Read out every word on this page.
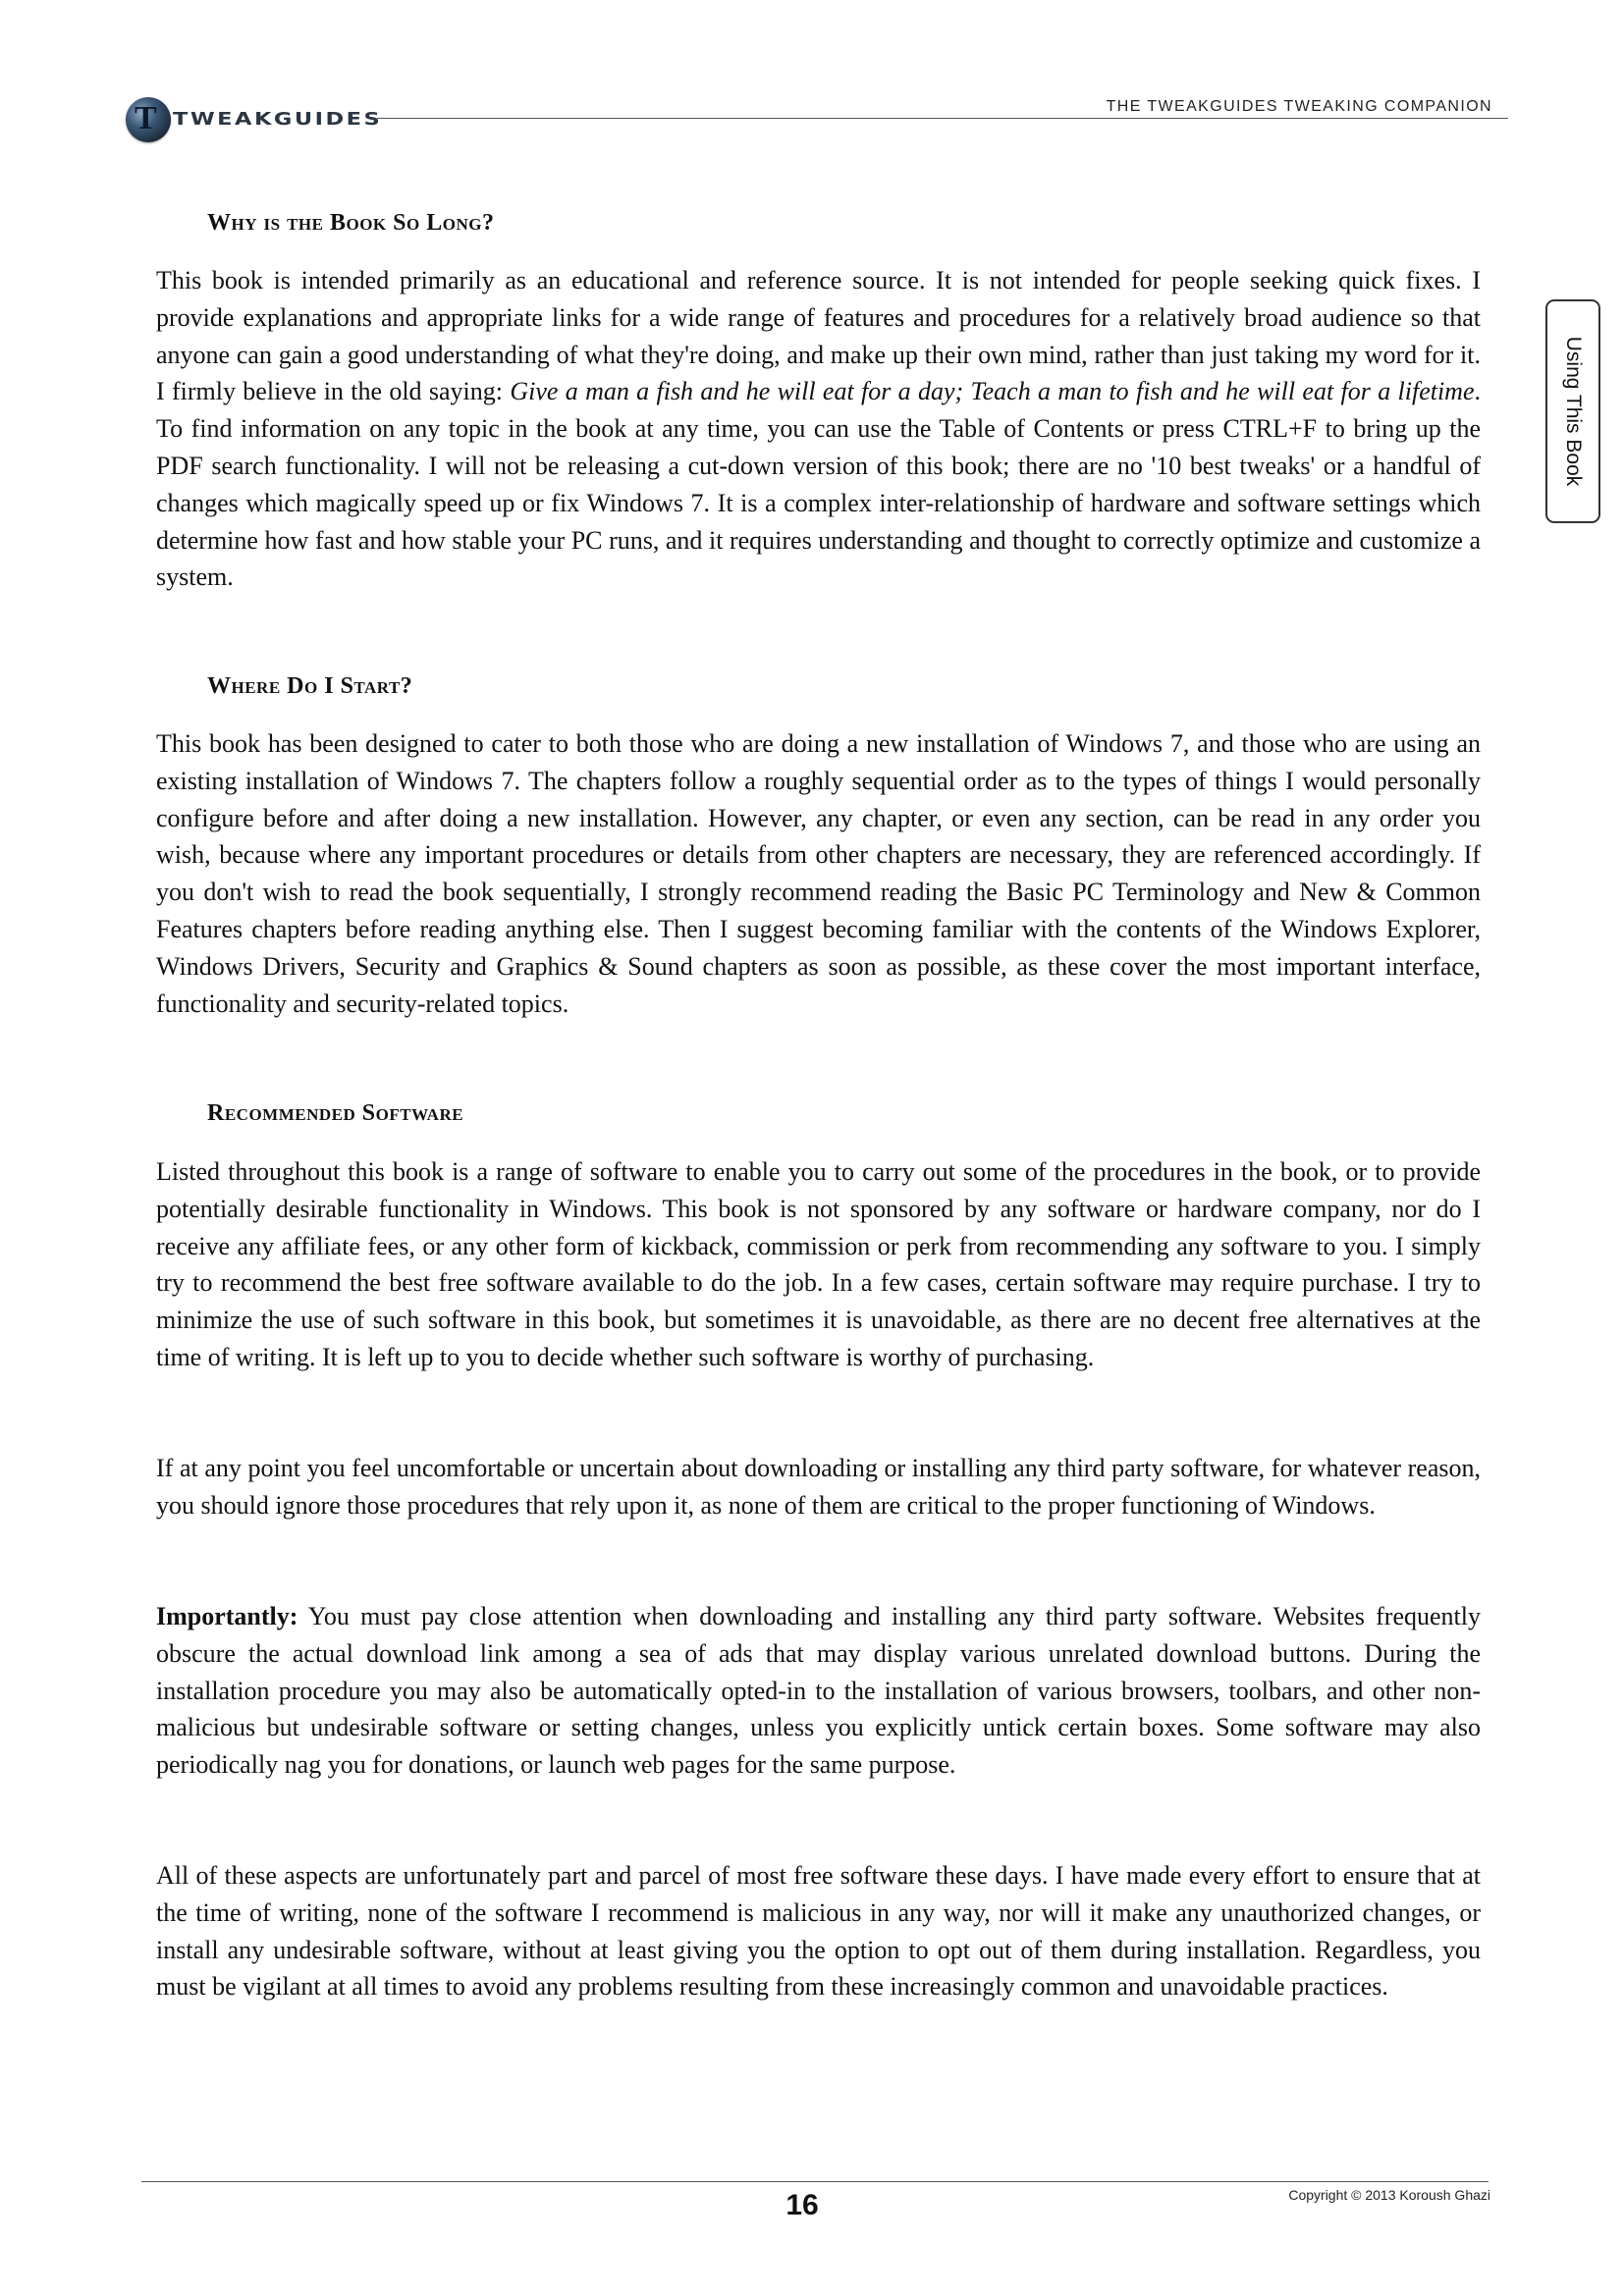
T TWEAKGUIDES
THE TWEAKGUIDES TWEAKING COMPANION
Using This Book
Why is the Book So Long?
This book is intended primarily as an educational and reference source. It is not intended for people seeking quick fixes. I provide explanations and appropriate links for a wide range of features and procedures for a relatively broad audience so that anyone can gain a good understanding of what they're doing, and make up their own mind, rather than just taking my word for it. I firmly believe in the old saying: Give a man a fish and he will eat for a day; Teach a man to fish and he will eat for a lifetime. To find information on any topic in the book at any time, you can use the Table of Contents or press CTRL+F to bring up the PDF search functionality. I will not be releasing a cut-down version of this book; there are no '10 best tweaks' or a handful of changes which magically speed up or fix Windows 7. It is a complex inter-relationship of hardware and software settings which determine how fast and how stable your PC runs, and it requires understanding and thought to correctly optimize and customize a system.
Where Do I Start?
This book has been designed to cater to both those who are doing a new installation of Windows 7, and those who are using an existing installation of Windows 7. The chapters follow a roughly sequential order as to the types of things I would personally configure before and after doing a new installation. However, any chapter, or even any section, can be read in any order you wish, because where any important procedures or details from other chapters are necessary, they are referenced accordingly. If you don't wish to read the book sequentially, I strongly recommend reading the Basic PC Terminology and New & Common Features chapters before reading anything else. Then I suggest becoming familiar with the contents of the Windows Explorer, Windows Drivers, Security and Graphics & Sound chapters as soon as possible, as these cover the most important interface, functionality and security-related topics.
Recommended Software
Listed throughout this book is a range of software to enable you to carry out some of the procedures in the book, or to provide potentially desirable functionality in Windows. This book is not sponsored by any software or hardware company, nor do I receive any affiliate fees, or any other form of kickback, commission or perk from recommending any software to you. I simply try to recommend the best free software available to do the job. In a few cases, certain software may require purchase. I try to minimize the use of such software in this book, but sometimes it is unavoidable, as there are no decent free alternatives at the time of writing. It is left up to you to decide whether such software is worthy of purchasing.
If at any point you feel uncomfortable or uncertain about downloading or installing any third party software, for whatever reason, you should ignore those procedures that rely upon it, as none of them are critical to the proper functioning of Windows.
Importantly: You must pay close attention when downloading and installing any third party software. Websites frequently obscure the actual download link among a sea of ads that may display various unrelated download buttons. During the installation procedure you may also be automatically opted-in to the installation of various browsers, toolbars, and other non-malicious but undesirable software or setting changes, unless you explicitly untick certain boxes. Some software may also periodically nag you for donations, or launch web pages for the same purpose.
All of these aspects are unfortunately part and parcel of most free software these days. I have made every effort to ensure that at the time of writing, none of the software I recommend is malicious in any way, nor will it make any unauthorized changes, or install any undesirable software, without at least giving you the option to opt out of them during installation. Regardless, you must be vigilant at all times to avoid any problems resulting from these increasingly common and unavoidable practices.
16	Copyright © 2013 Koroush Ghazi
